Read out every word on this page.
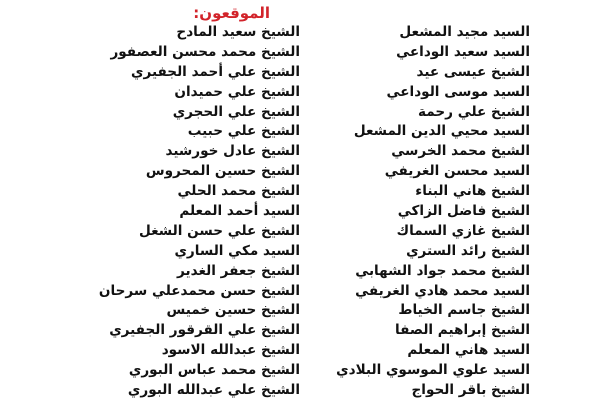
الموقعون:
السيد مجيد المشعل
السيد سعيد الوداعي
الشيخ عيسى عيد
السيد موسى الوداعي
الشيخ علي رحمة
السيد محيي الدين المشعل
الشيخ محمد الخرسي
السيد محسن الغريفي
الشيخ هاني البناء
الشيخ فاضل الزاكي
الشيخ غازي السماك
الشيخ رائد الستري
الشيخ محمد جواد الشهابي
السيد محمد هادي الغريفي
الشيخ جاسم الخياط
الشيخ إبراهيم الصفا
السيد هاني المعلم
السيد علوي الموسوي البلادي
الشيخ باقر الحواج
الشيخ سعيد المادح
الشيخ محمد محسن العصفور
الشيخ علي أحمد الجفيري
الشيخ علي حميدان
الشيخ علي الحجري
الشيخ علي حبيب
الشيخ عادل خورشيد
الشيخ حسين المحروس
الشيخ محمد الحلي
السيد أحمد المعلم
الشيخ علي حسن الشغل
السيد مكي الساري
الشيخ جعفر الغدير
الشيخ حسن محمدعلي سرحان
الشيخ حسين خميس
الشيخ علي القرقور الجفيري
الشيخ عبدالله الاسود
الشيخ محمد عباس البوري
الشيخ علي عبدالله البوري
